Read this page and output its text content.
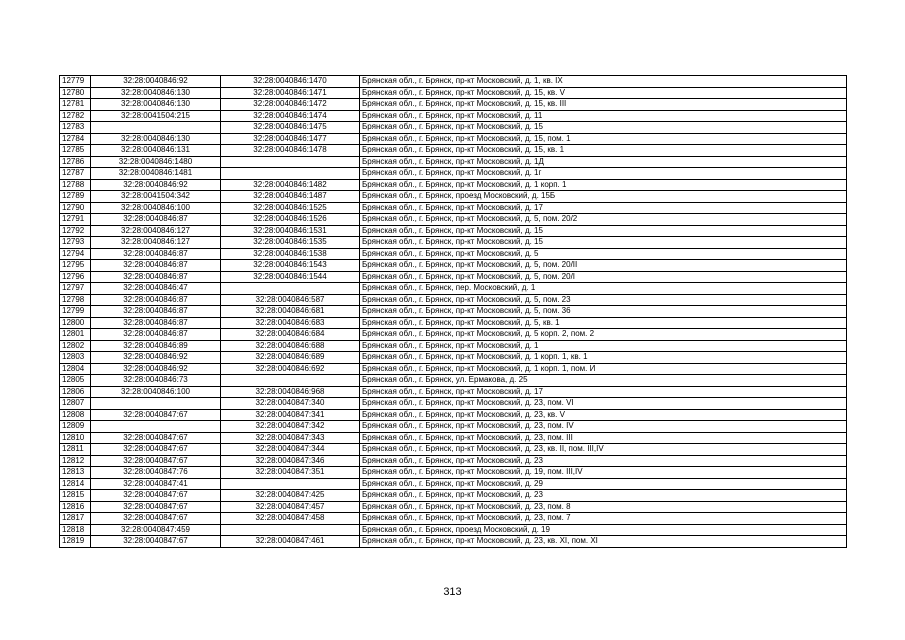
12779	32:28:0040846:92	32:28:0040846:1470	Брянская обл., г. Брянск, пр-кт Московский, д. 1, кв. IX
12780	32:28:0040846:130	32:28:0040846:1471	Брянская обл., г. Брянск, пр-кт Московский, д. 15, кв. V
12781	32:28:0040846:130	32:28:0040846:1472	Брянская обл., г. Брянск, пр-кт Московский, д. 15, кв. III
12782	32:28:0041504:215	32:28:0040846:1474	Брянская обл., г. Брянск, пр-кт Московский, д. 11
12783		32:28:0040846:1475	Брянская обл., г. Брянск, пр-кт Московский, д. 15
12784	32:28:0040846:130	32:28:0040846:1477	Брянская обл., г. Брянск, пр-кт Московский, д. 15, пом. 1
12785	32:28:0040846:131	32:28:0040846:1478	Брянская обл., г. Брянск, пр-кт Московский, д. 15, кв. 1
12786	32:28:0040846:1480		Брянская обл., г. Брянск, пр-кт Московский, д. 1Д
12787	32:28:0040846:1481		Брянская обл., г. Брянск, пр-кт Московский, д. 1г
12788	32:28:0040846:92	32:28:0040846:1482	Брянская обл., г. Брянск, пр-кт Московский, д. 1 корп. 1
12789	32:28:0041504:342	32:28:0040846:1487	Брянская обл., г. Брянск, проезд Московский, д. 15Б
12790	32:28:0040846:100	32:28:0040846:1525	Брянская обл., г. Брянск, пр-кт Московский, д. 17
12791	32:28:0040846:87	32:28:0040846:1526	Брянская обл., г. Брянск, пр-кт Московский, д. 5, пом. 20/2
12792	32:28:0040846:127	32:28:0040846:1531	Брянская обл., г. Брянск, пр-кт Московский, д. 15
12793	32:28:0040846:127	32:28:0040846:1535	Брянская обл., г. Брянск, пр-кт Московский, д. 15
12794	32:28:0040846:87	32:28:0040846:1538	Брянская обл., г. Брянск, пр-кт Московский, д. 5
12795	32:28:0040846:87	32:28:0040846:1543	Брянская обл., г. Брянск, пр-кт Московский, д. 5, пом. 20/II
12796	32:28:0040846:87	32:28:0040846:1544	Брянская обл., г. Брянск, пр-кт Московский, д. 5, пом. 20/I
12797	32:28:0040846:47		Брянская обл., г. Брянск, пер. Московский, д. 1
12798	32:28:0040846:87	32:28:0040846:587	Брянская обл., г. Брянск, пр-кт Московский, д. 5, пом. 23
12799	32:28:0040846:87	32:28:0040846:681	Брянская обл., г. Брянск, пр-кт Московский, д. 5, пом. 36
12800	32:28:0040846:87	32:28:0040846:683	Брянская обл., г. Брянск, пр-кт Московский, д. 5, кв. 1
12801	32:28:0040846:87	32:28:0040846:684	Брянская обл., г. Брянск, пр-кт Московский, д. 5 корп. 2, пом. 2
12802	32:28:0040846:89	32:28:0040846:688	Брянская обл., г. Брянск, пр-кт Московский, д. 1
12803	32:28:0040846:92	32:28:0040846:689	Брянская обл., г. Брянск, пр-кт Московский, д. 1 корп. 1, кв. 1
12804	32:28:0040846:92	32:28:0040846:692	Брянская обл., г. Брянск, пр-кт Московский, д. 1 корп. 1, пом. И
12805	32:28:0040846:73		Брянская обл., г. Брянск, ул. Ермакова, д. 25
12806	32:28:0040846:100	32:28:0040846:968	Брянская обл., г. Брянск, пр-кт Московский, д. 17
12807		32:28:0040847:340	Брянская обл., г. Брянск, пр-кт Московский, д. 23, пом. VI
12808	32:28:0040847:67	32:28:0040847:341	Брянская обл., г. Брянск, пр-кт Московский, д. 23, кв. V
12809		32:28:0040847:342	Брянская обл., г. Брянск, пр-кт Московский, д. 23, пом. IV
12810	32:28:0040847:67	32:28:0040847:343	Брянская обл., г. Брянск, пр-кт Московский, д. 23, пом. III
12811	32:28:0040847:67	32:28:0040847:344	Брянская обл., г. Брянск, пр-кт Московский, д. 23, кв. II, пом. III,IV
12812	32:28:0040847:67	32:28:0040847:346	Брянская обл., г. Брянск, пр-кт Московский, д. 23
12813	32:28:0040847:76	32:28:0040847:351	Брянская обл., г. Брянск, пр-кт Московский, д. 19, пом. III,IV
12814	32:28:0040847:41		Брянская обл., г. Брянск, пр-кт Московский, д. 29
12815	32:28:0040847:67	32:28:0040847:425	Брянская обл., г. Брянск, пр-кт Московский, д. 23
12816	32:28:0040847:67	32:28:0040847:457	Брянская обл., г. Брянск, пр-кт Московский, д. 23, пом. 8
12817	32:28:0040847:67	32:28:0040847:458	Брянская обл., г. Брянск, пр-кт Московский, д. 23, пом. 7
12818	32:28:0040847:459		Брянская обл., г. Брянск, проезд Московский, д. 19
12819	32:28:0040847:67	32:28:0040847:461	Брянская обл., г. Брянск, пр-кт Московский, д. 23, кв. XI, пом. XI
313
